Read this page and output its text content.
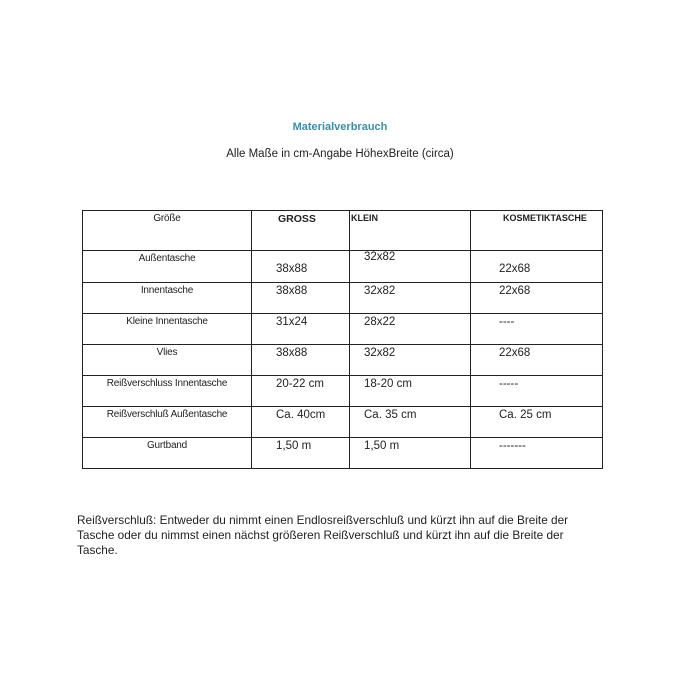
Materialverbrauch
Alle Maße in cm-Angabe HöhexBreite (circa)
Größe	GROSS	KLEIN	KOSMETIKTASCHE

Außentasche	38x88	32x82	22x68

Innentasche	38x88	32x82	22x68

Kleine Innentasche	31x24	28x22	----

Vlies	38x88	32x82	22x68

Reißverschluss Innentasche	20-22 cm	18-20 cm	-----

Reißverschluß Außentasche	Ca. 40cm	Ca. 35 cm	Ca. 25 cm

Gurtband	1,50 m	1,50 m	-------
Reißverschluß: Entweder du nimmt einen Endlosreißverschluß und kürzt ihn auf die Breite der Tasche oder du nimmst einen nächst größeren Reißverschluß und kürzt ihn auf die Breite der Tasche.
